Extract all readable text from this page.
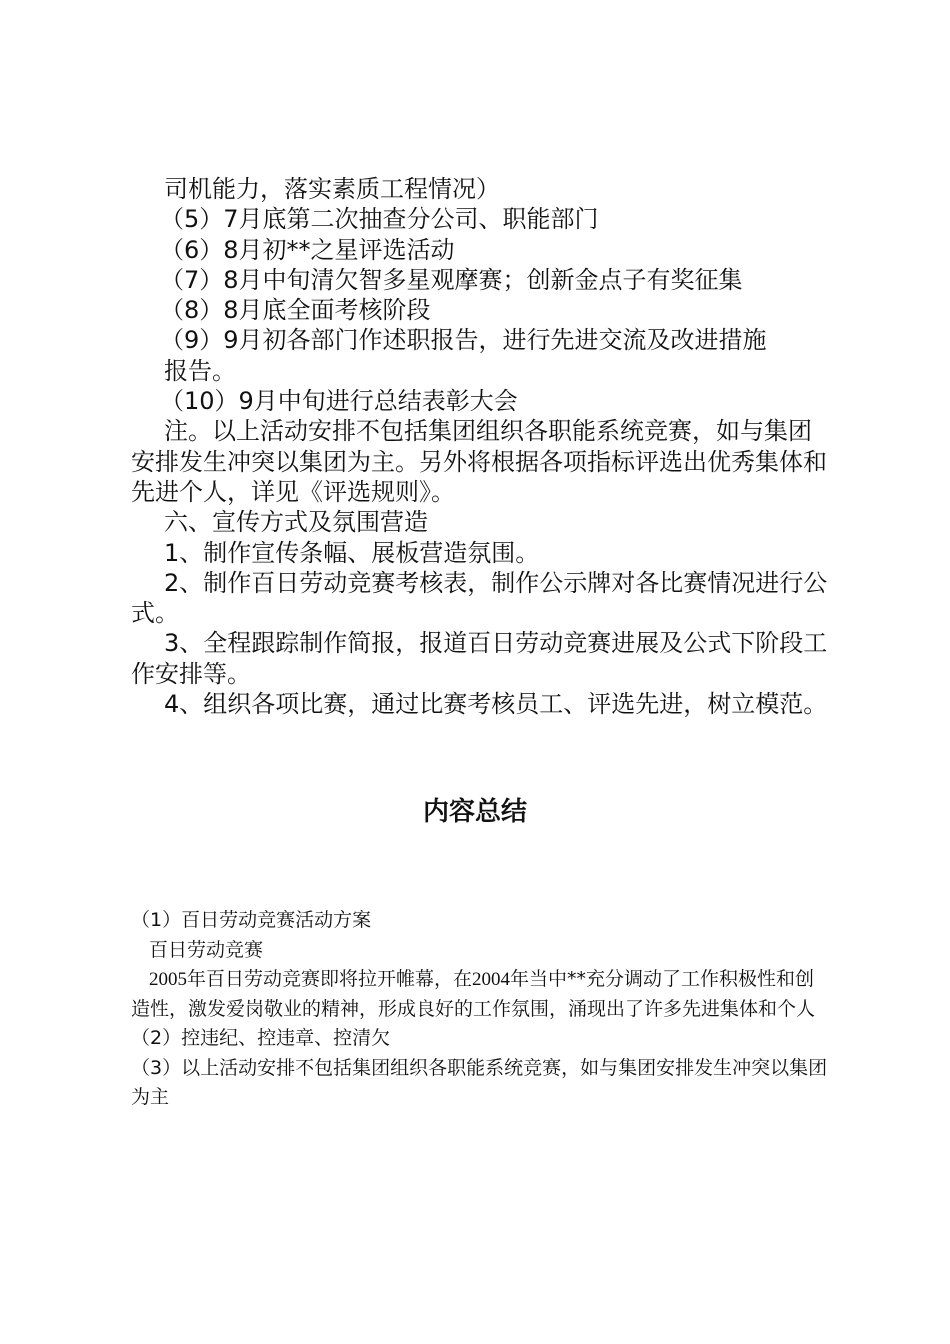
司机能力，落实素质工程情况）

（5）7月底第二次抽查分公司、职能部门

（6）8月初**之星评选活动

（7）8月中旬清欠智多星观摩赛；创新金点子有奖征集

（8）8月底全面考核阶段

（9）9月初各部门作述职报告，进行先进交流及改进措施

报告。

（10）9月中旬进行总结表彰大会

注。以上活动安排不包括集团组织各职能系统竞赛，如与集团安排发生冲突以集团为主。另外将根据各项指标评选出优秀集体和先进个人，详见《评选规则》。

六、宣传方式及氛围营造

1、制作宣传条幅、展板营造氛围。

2、制作百日劳动竞赛考核表，制作公示牌对各比赛情况进行公式。

3、全程跟踪制作简报，报道百日劳动竞赛进展及公式下阶段工作安排等。

4、组织各项比赛，通过比赛考核员工、评选先进，树立模范。

内容总结

（1）百日劳动竞赛活动方案

百日劳动竞赛

2005年百日劳动竞赛即将拉开帷幕，在2004年当中**充分调动了工作积极性和创造性，激发爱岗敬业的精神，形成良好的工作氛围，涌现出了许多先进集体和个人

（2）控违纪、控违章、控清欠

（3）以上活动安排不包括集团组织各职能系统竞赛，如与集团安排发生冲突以集团为主
